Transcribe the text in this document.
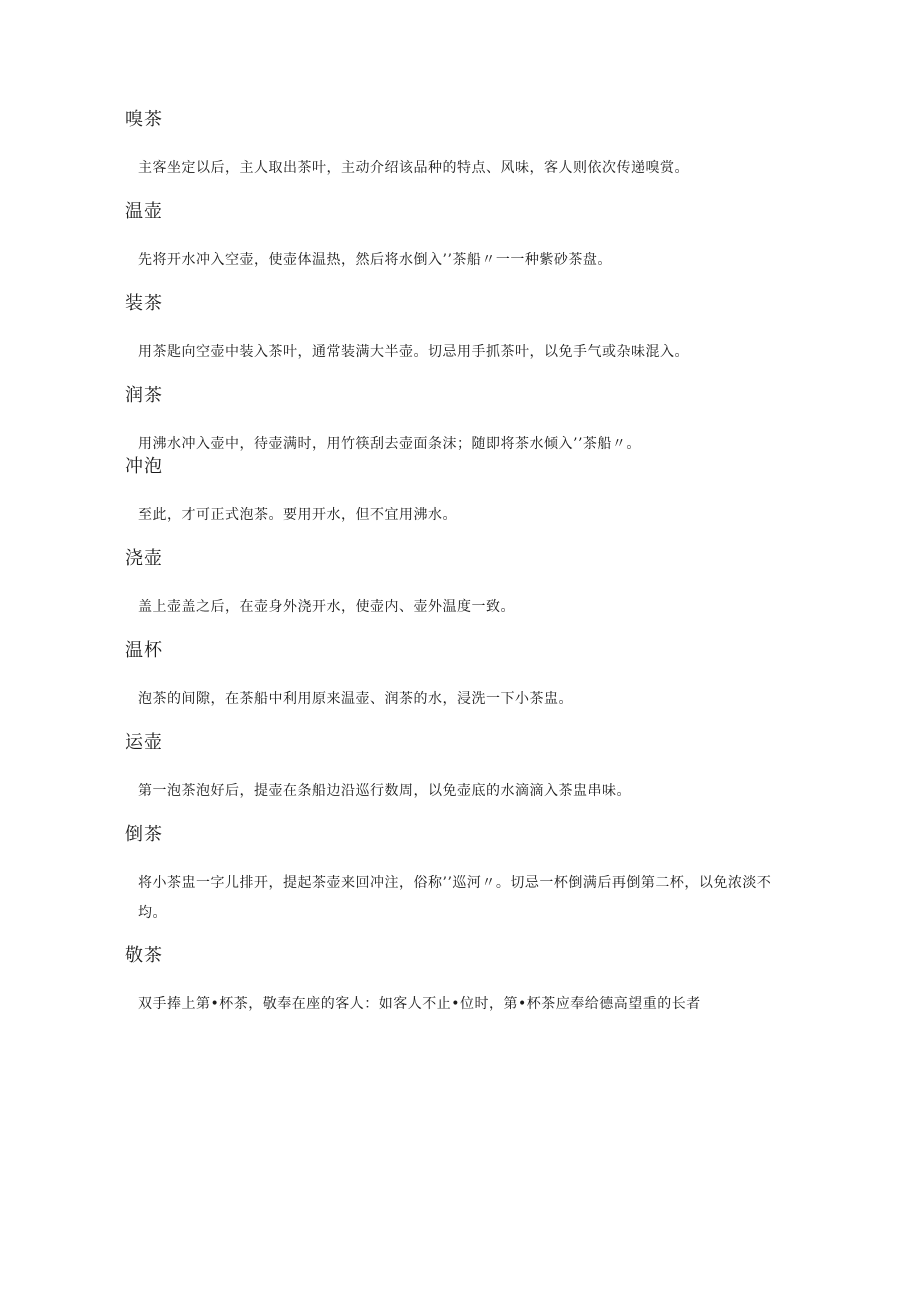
嗅茶

主客坐定以后，主人取出茶叶，主动介绍该品种的特点、风味，客人则依次传递嗅赏。

温壶

先将开水冲入空壶，使壶体温热，然后将水倒入’’茶船〃一一种紫砂茶盘。

装茶

用茶匙向空壶中装入茶叶，通常装满大半壶。切忌用手抓茶叶，以免手气或杂味混入。

润茶

用沸水冲入壶中，待壶满时，用竹筷刮去壶面条沫；随即将茶水倾入’’茶船〃。

冲泡

至此，才可正式泡茶。要用开水，但不宜用沸水。

浇壶

盖上壶盖之后，在壶身外浇开水，使壶内、壶外温度一致。

温杯

泡茶的间隙，在茶船中利用原来温壶、润茶的水，浸洗一下小茶盅。

运壶

第一泡茶泡好后，提壶在条船边沿巡行数周，以免壶底的水滴滴入茶盅串味。

倒茶

将小茶盅一字儿排开，提起茶壶来回冲注，俗称’’巡河〃。切忌一杯倒满后再倒第二杯，以免浓淡不均。

敬茶

双手捧上第•杯茶，敬奉在座的客人：如客人不止•位时，第•杯茶应奉给德高望重的长者
